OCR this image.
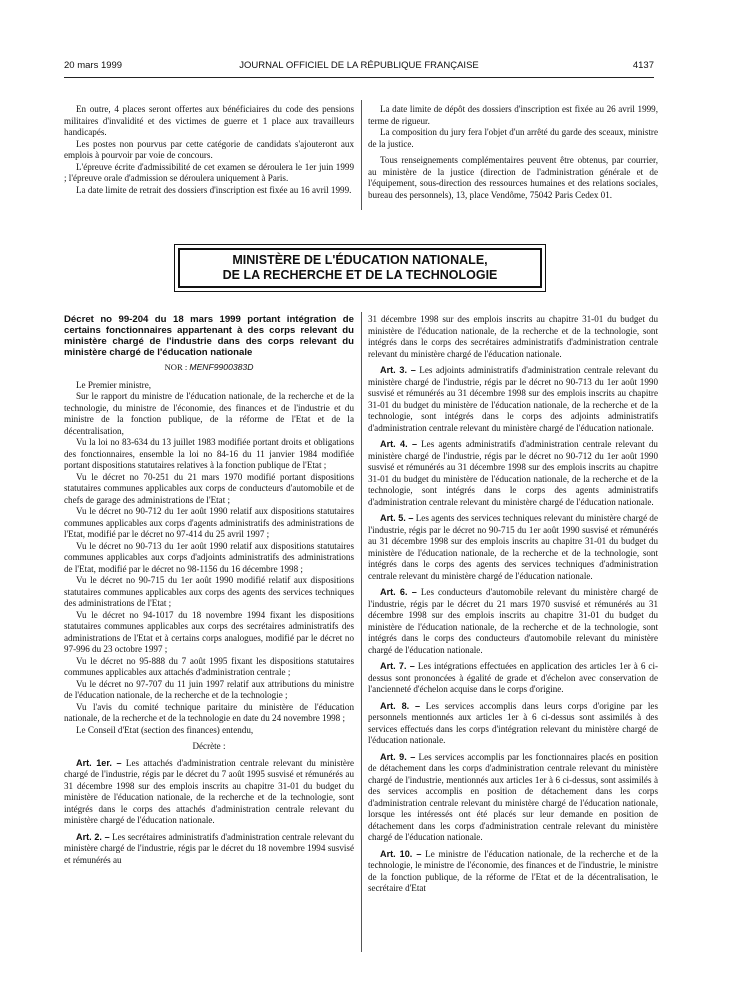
20 mars 1999	JOURNAL OFFICIEL DE LA RÉPUBLIQUE FRANÇAISE	4137

En outre, 4 places seront offertes aux bénéficiaires du code des pensions militaires d'invalidité et des victimes de guerre et 1 place aux travailleurs handicapés.

Les postes non pourvus par cette catégorie de candidats s'ajouteront aux emplois à pourvoir par voie de concours.

L'épreuve écrite d'admissibilité de cet examen se déroulera le 1er juin 1999 ; l'épreuve orale d'admission se déroulera uniquement à Paris.

La date limite de retrait des dossiers d'inscription est fixée au 16 avril 1999.

La date limite de dépôt des dossiers d'inscription est fixée au 26 avril 1999, terme de rigueur.

La composition du jury fera l'objet d'un arrêté du garde des sceaux, ministre de la justice.

Tous renseignements complémentaires peuvent être obtenus, par courrier, au ministère de la justice (direction de l'administration générale et de l'équipement, sous-direction des ressources humaines et des relations sociales, bureau des personnels), 13, place Vendôme, 75042 Paris Cedex 01.

MINISTÈRE DE L'ÉDUCATION NATIONALE,
DE LA RECHERCHE ET DE LA TECHNOLOGIE

Décret no 99-204 du 18 mars 1999 portant intégration de certains fonctionnaires appartenant à des corps relevant du ministère chargé de l'industrie dans des corps relevant du ministère chargé de l'éducation nationale

NOR : MENF9900383D

Le Premier ministre,

Sur le rapport du ministre de l'éducation nationale, de la recherche et de la technologie, du ministre de l'économie, des finances et de l'industrie et du ministre de la fonction publique, de la réforme de l'Etat et de la décentralisation,

Vu la loi no 83-634 du 13 juillet 1983 modifiée portant droits et obligations des fonctionnaires, ensemble la loi no 84-16 du 11 janvier 1984 modifiée portant dispositions statutaires relatives à la fonction publique de l'Etat ;

Vu le décret no 70-251 du 21 mars 1970 modifié portant dispositions statutaires communes applicables aux corps de conducteurs d'automobile et de chefs de garage des administrations de l'Etat ;

Vu le décret no 90-712 du 1er août 1990 relatif aux dispositions statutaires communes applicables aux corps d'agents administratifs des administrations de l'Etat, modifié par le décret no 97-414 du 25 avril 1997 ;

Vu le décret no 90-713 du 1er août 1990 relatif aux dispositions statutaires communes applicables aux corps d'adjoints administratifs des administrations de l'Etat, modifié par le décret no 98-1156 du 16 décembre 1998 ;

Vu le décret no 90-715 du 1er août 1990 modifié relatif aux dispositions statutaires communes applicables aux corps des agents des services techniques des administrations de l'Etat ;

Vu le décret no 94-1017 du 18 novembre 1994 fixant les dispositions statutaires communes applicables aux corps des secrétaires administratifs des administrations de l'Etat et à certains corps analogues, modifié par le décret no 97-996 du 23 octobre 1997 ;

Vu le décret no 95-888 du 7 août 1995 fixant les dispositions statutaires communes applicables aux attachés d'administration centrale ;

Vu le décret no 97-707 du 11 juin 1997 relatif aux attributions du ministre de l'éducation nationale, de la recherche et de la technologie ;

Vu l'avis du comité technique paritaire du ministère de l'éducation nationale, de la recherche et de la technologie en date du 24 novembre 1998 ;

Le Conseil d'Etat (section des finances) entendu,

Décrète :

Art. 1er. – Les attachés d'administration centrale relevant du ministère chargé de l'industrie, régis par le décret du 7 août 1995 susvisé et rémunérés au 31 décembre 1998 sur des emplois inscrits au chapitre 31-01 du budget du ministère de l'éducation nationale, de la recherche et de la technologie, sont intégrés dans le corps des attachés d'administration centrale relevant du ministère chargé de l'éducation nationale.

Art. 2. – Les secrétaires administratifs d'administration centrale relevant du ministère chargé de l'industrie, régis par le décret du 18 novembre 1994 susvisé et rémunérés au

31 décembre 1998 sur des emplois inscrits au chapitre 31-01 du budget du ministère de l'éducation nationale, de la recherche et de la technologie, sont intégrés dans le corps des secrétaires administratifs d'administration centrale relevant du ministère chargé de l'éducation nationale.

Art. 3. – Les adjoints administratifs d'administration centrale relevant du ministère chargé de l'industrie, régis par le décret no 90-713 du 1er août 1990 susvisé et rémunérés au 31 décembre 1998 sur des emplois inscrits au chapitre 31-01 du budget du ministère de l'éducation nationale, de la recherche et de la technologie, sont intégrés dans le corps des adjoints administratifs d'administration centrale relevant du ministère chargé de l'éducation nationale.

Art. 4. – Les agents administratifs d'administration centrale relevant du ministère chargé de l'industrie, régis par le décret no 90-712 du 1er août 1990 susvisé et rémunérés au 31 décembre 1998 sur des emplois inscrits au chapitre 31-01 du budget du ministère de l'éducation nationale, de la recherche et de la technologie, sont intégrés dans le corps des agents administratifs d'administration centrale relevant du ministère chargé de l'éducation nationale.

Art. 5. – Les agents des services techniques relevant du ministère chargé de l'industrie, régis par le décret no 90-715 du 1er août 1990 susvisé et rémunérés au 31 décembre 1998 sur des emplois inscrits au chapitre 31-01 du budget du ministère de l'éducation nationale, de la recherche et de la technologie, sont intégrés dans le corps des agents des services techniques d'administration centrale relevant du ministère chargé de l'éducation nationale.

Art. 6. – Les conducteurs d'automobile relevant du ministère chargé de l'industrie, régis par le décret du 21 mars 1970 susvisé et rémunérés au 31 décembre 1998 sur des emplois inscrits au chapitre 31-01 du budget du ministère de l'éducation nationale, de la recherche et de la technologie, sont intégrés dans le corps des conducteurs d'automobile relevant du ministère chargé de l'éducation nationale.

Art. 7. – Les intégrations effectuées en application des articles 1er à 6 ci-dessus sont prononcées à égalité de grade et d'échelon avec conservation de l'ancienneté d'échelon acquise dans le corps d'origine.

Art. 8. – Les services accomplis dans leurs corps d'origine par les personnels mentionnés aux articles 1er à 6 ci-dessus sont assimilés à des services effectués dans les corps d'intégration relevant du ministère chargé de l'éducation nationale.

Art. 9. – Les services accomplis par les fonctionnaires placés en position de détachement dans les corps d'administration centrale relevant du ministère chargé de l'industrie, mentionnés aux articles 1er à 6 ci-dessus, sont assimilés à des services accomplis en position de détachement dans les corps d'administration centrale relevant du ministère chargé de l'éducation nationale, lorsque les intéressés ont été placés sur leur demande en position de détachement dans les corps d'administration centrale relevant du ministère chargé de l'éducation nationale.

Art. 10. – Le ministre de l'éducation nationale, de la recherche et de la technologie, le ministre de l'économie, des finances et de l'industrie, le ministre de la fonction publique, de la réforme de l'Etat et de la décentralisation, le secrétaire d'Etat
